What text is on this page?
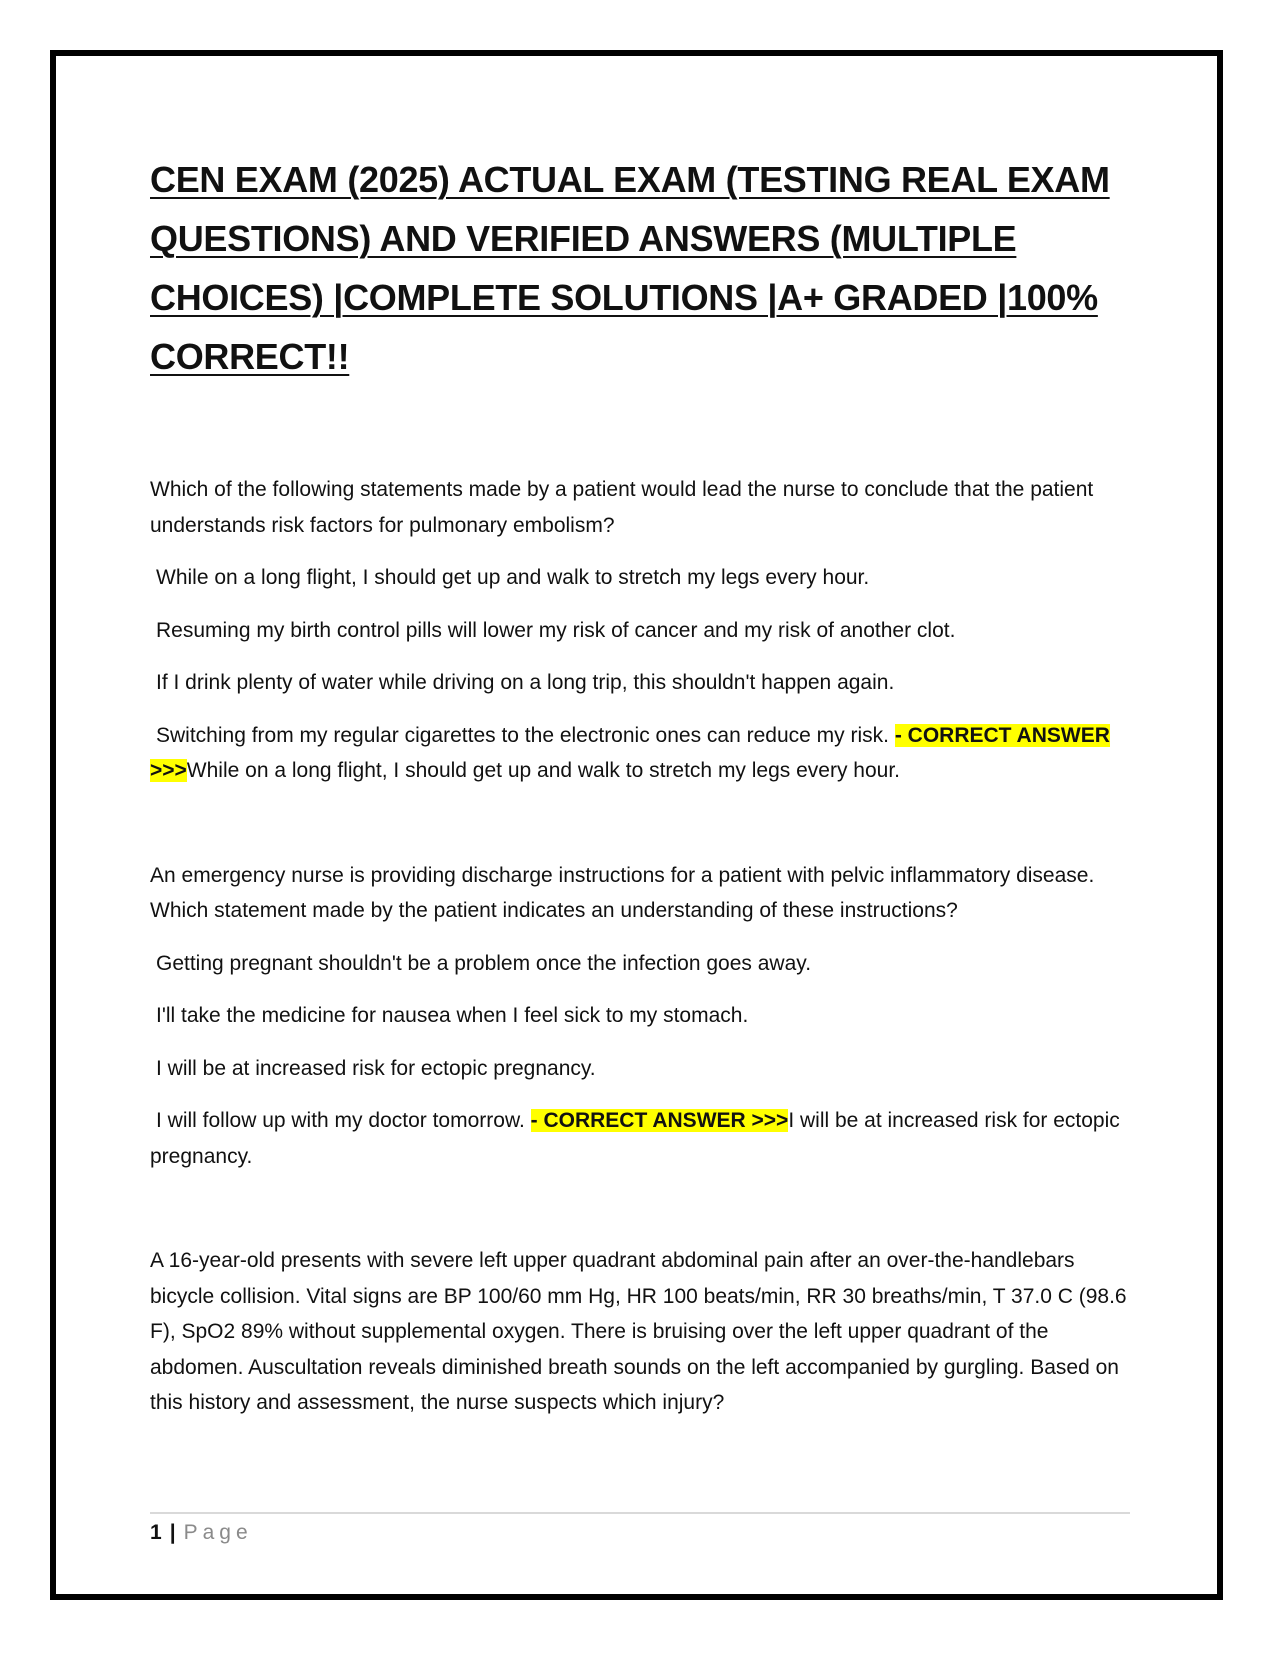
CEN EXAM (2025) ACTUAL EXAM (TESTING REAL EXAM QUESTIONS) AND VERIFIED ANSWERS (MULTIPLE CHOICES) |COMPLETE SOLUTIONS |A+ GRADED |100% CORRECT!!

Which of the following statements made by a patient would lead the nurse to conclude that the patient understands risk factors for pulmonary embolism?

While on a long flight, I should get up and walk to stretch my legs every hour.

Resuming my birth control pills will lower my risk of cancer and my risk of another clot.

If I drink plenty of water while driving on a long trip, this shouldn't happen again.

Switching from my regular cigarettes to the electronic ones can reduce my risk. - CORRECT ANSWER >>>While on a long flight, I should get up and walk to stretch my legs every hour.

An emergency nurse is providing discharge instructions for a patient with pelvic inflammatory disease. Which statement made by the patient indicates an understanding of these instructions?

Getting pregnant shouldn't be a problem once the infection goes away.

I'll take the medicine for nausea when I feel sick to my stomach.

I will be at increased risk for ectopic pregnancy.

I will follow up with my doctor tomorrow. - CORRECT ANSWER >>>I will be at increased risk for ectopic pregnancy.

A 16-year-old presents with severe left upper quadrant abdominal pain after an over-the-handlebars bicycle collision. Vital signs are BP 100/60 mm Hg, HR 100 beats/min, RR 30 breaths/min, T 37.0 C (98.6 F), SpO2 89% without supplemental oxygen. There is bruising over the left upper quadrant of the abdomen. Auscultation reveals diminished breath sounds on the left accompanied by gurgling. Based on this history and assessment, the nurse suspects which injury?

1 | Page
